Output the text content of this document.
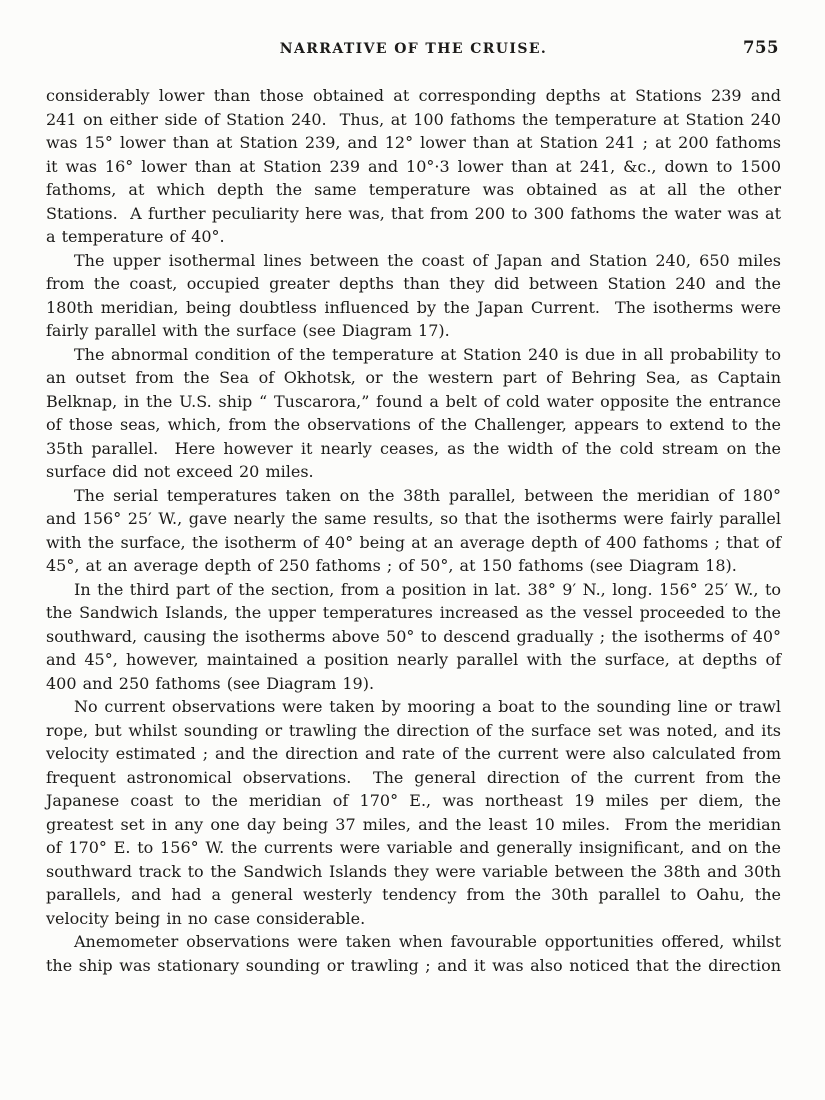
NARRATIVE OF THE CRUISE.	755

considerably lower than those obtained at corresponding depths at Stations 239 and 241 on either side of Station 240.  Thus, at 100 fathoms the temperature at Station 240 was 15° lower than at Station 239, and 12° lower than at Station 241 ; at 200 fathoms it was 16° lower than at Station 239 and 10°·3 lower than at 241, &c., down to 1500 fathoms, at which depth the same temperature was obtained as at all the other Stations.  A further peculiarity here was, that from 200 to 300 fathoms the water was at a temperature of 40°.

The upper isothermal lines between the coast of Japan and Station 240, 650 miles from the coast, occupied greater depths than they did between Station 240 and the 180th meridian, being doubtless influenced by the Japan Current.  The isotherms were fairly parallel with the surface (see Diagram 17).

The abnormal condition of the temperature at Station 240 is due in all probability to an outset from the Sea of Okhotsk, or the western part of Behring Sea, as Captain Belknap, in the U.S. ship “ Tuscarora,” found a belt of cold water opposite the entrance of those seas, which, from the observations of the Challenger, appears to extend to the 35th parallel.  Here however it nearly ceases, as the width of the cold stream on the surface did not exceed 20 miles.

The serial temperatures taken on the 38th parallel, between the meridian of 180° and 156° 25′ W., gave nearly the same results, so that the isotherms were fairly parallel with the surface, the isotherm of 40° being at an average depth of 400 fathoms ; that of 45°, at an average depth of 250 fathoms ; of 50°, at 150 fathoms (see Diagram 18).

In the third part of the section, from a position in lat. 38° 9′ N., long. 156° 25′ W., to the Sandwich Islands, the upper temperatures increased as the vessel proceeded to the southward, causing the isotherms above 50° to descend gradually ; the isotherms of 40° and 45°, however, maintained a position nearly parallel with the surface, at depths of 400 and 250 fathoms (see Diagram 19).

No current observations were taken by mooring a boat to the sounding line or trawl rope, but whilst sounding or trawling the direction of the surface set was noted, and its velocity estimated ; and the direction and rate of the current were also calculated from frequent astronomical observations.  The general direction of the current from the Japanese coast to the meridian of 170° E., was northeast 19 miles per diem, the greatest set in any one day being 37 miles, and the least 10 miles.  From the meridian of 170° E. to 156° W. the currents were variable and generally insignificant, and on the southward track to the Sandwich Islands they were variable between the 38th and 30th parallels, and had a general westerly tendency from the 30th parallel to Oahu, the velocity being in no case considerable.

Anemometer observations were taken when favourable opportunities offered, whilst the ship was stationary sounding or trawling ; and it was also noticed that the direction
